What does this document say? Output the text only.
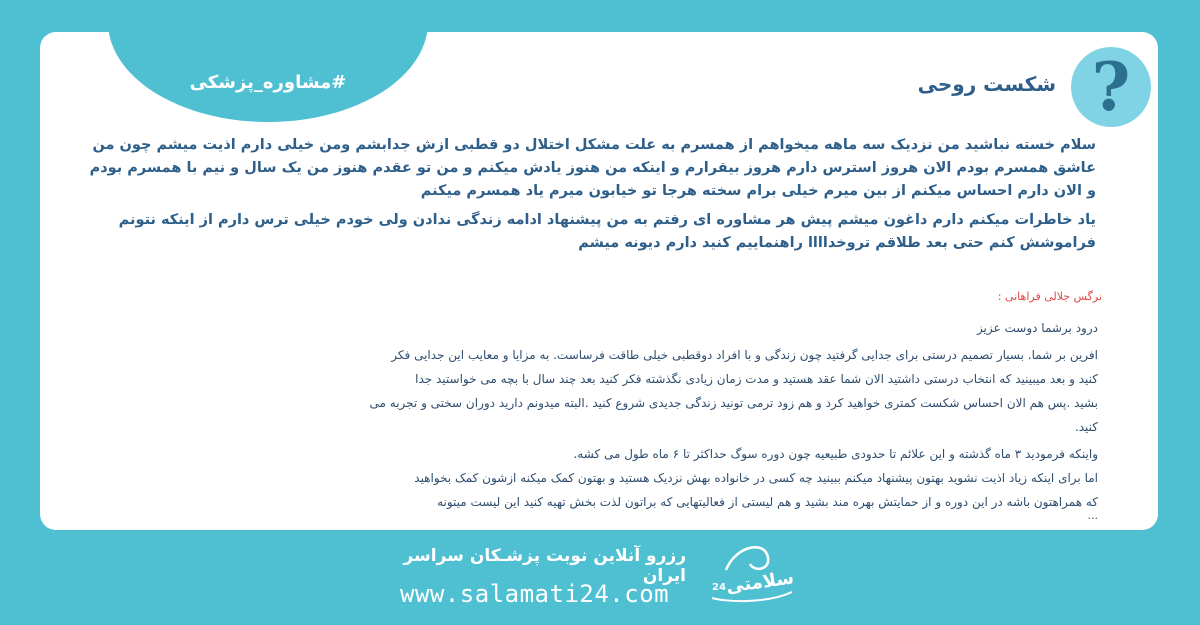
#مشاوره_پزشکی	?
شکست روحی

سلام خسته نباشید من نزدیک سه ماهه میخواهم از همسرم به علت مشکل اختلال دو قطبی ازش جدابشم ومن خیلی دارم اذیت میشم چون من عاشق همسرم بودم الان هروز استرس دارم هروز بیقرارم و اینکه من هنوز یادش میکنم و من تو عقدم هنوز من یک سال و نیم با همسرم بودم و الان دارم احساس میکنم از بین میرم خیلی برام سخته هرجا تو خیابون میرم یاد همسرم میکنم

یاد خاطرات میکنم دارم داغون میشم پیش هر مشاوره ای رفتم به من پیشنهاد ادامه زندگی ندادن ولی خودم خیلی ترس دارم از اینکه نتونم فراموشش کنم حتی بعد طلاقم تروخداااا راهنماییم کنید دارم دیونه میشم

نرگس جلالی فراهانی :

درود برشما دوست عزیز

افرین بر شما. بسیار تصمیم درستی برای جدایی گرفتید چون زندگی و با افراد دوقطبی خیلی طاقت فرساست. به مزایا و معایب این جدایی فکر

کنید و بعد میبینید که انتخاب درستی داشتید الان شما عقد هستید و مدت زمان زیادی نگذشته فکر کنید بعد چند سال با بچه می خواستید جدا

بشید .پس هم الان احساس شکست کمتری خواهید کرد و هم زود ترمی تونید زندگی جدیدی شروع کنید .البته میدونم دارید دوران سختی و تجربه می

کنید.

واینکه فرمودید ۳ ماه گذشته و این علائم تا حدودی طبیعیه چون دوره سوگ حداکثر تا ۶ ماه طول می کشه.

اما برای اینکه زیاد اذیت نشوید بهتون پیشنهاد میکنم ببینید چه کسی در خانواده بهش نزدیک هستید و بهتون کمک میکنه ازشون کمک بخواهید

که همراهتون باشه در این دوره و از حمایتش بهره مند بشید و هم لیستی از فعالیتهایی که براتون لذت بخش تهیه کنید این لیست میتونه

...
رزرو آنلاین نوبت پزشـکان سراسر ایران
www.salamati24.com	سلامتی
24
